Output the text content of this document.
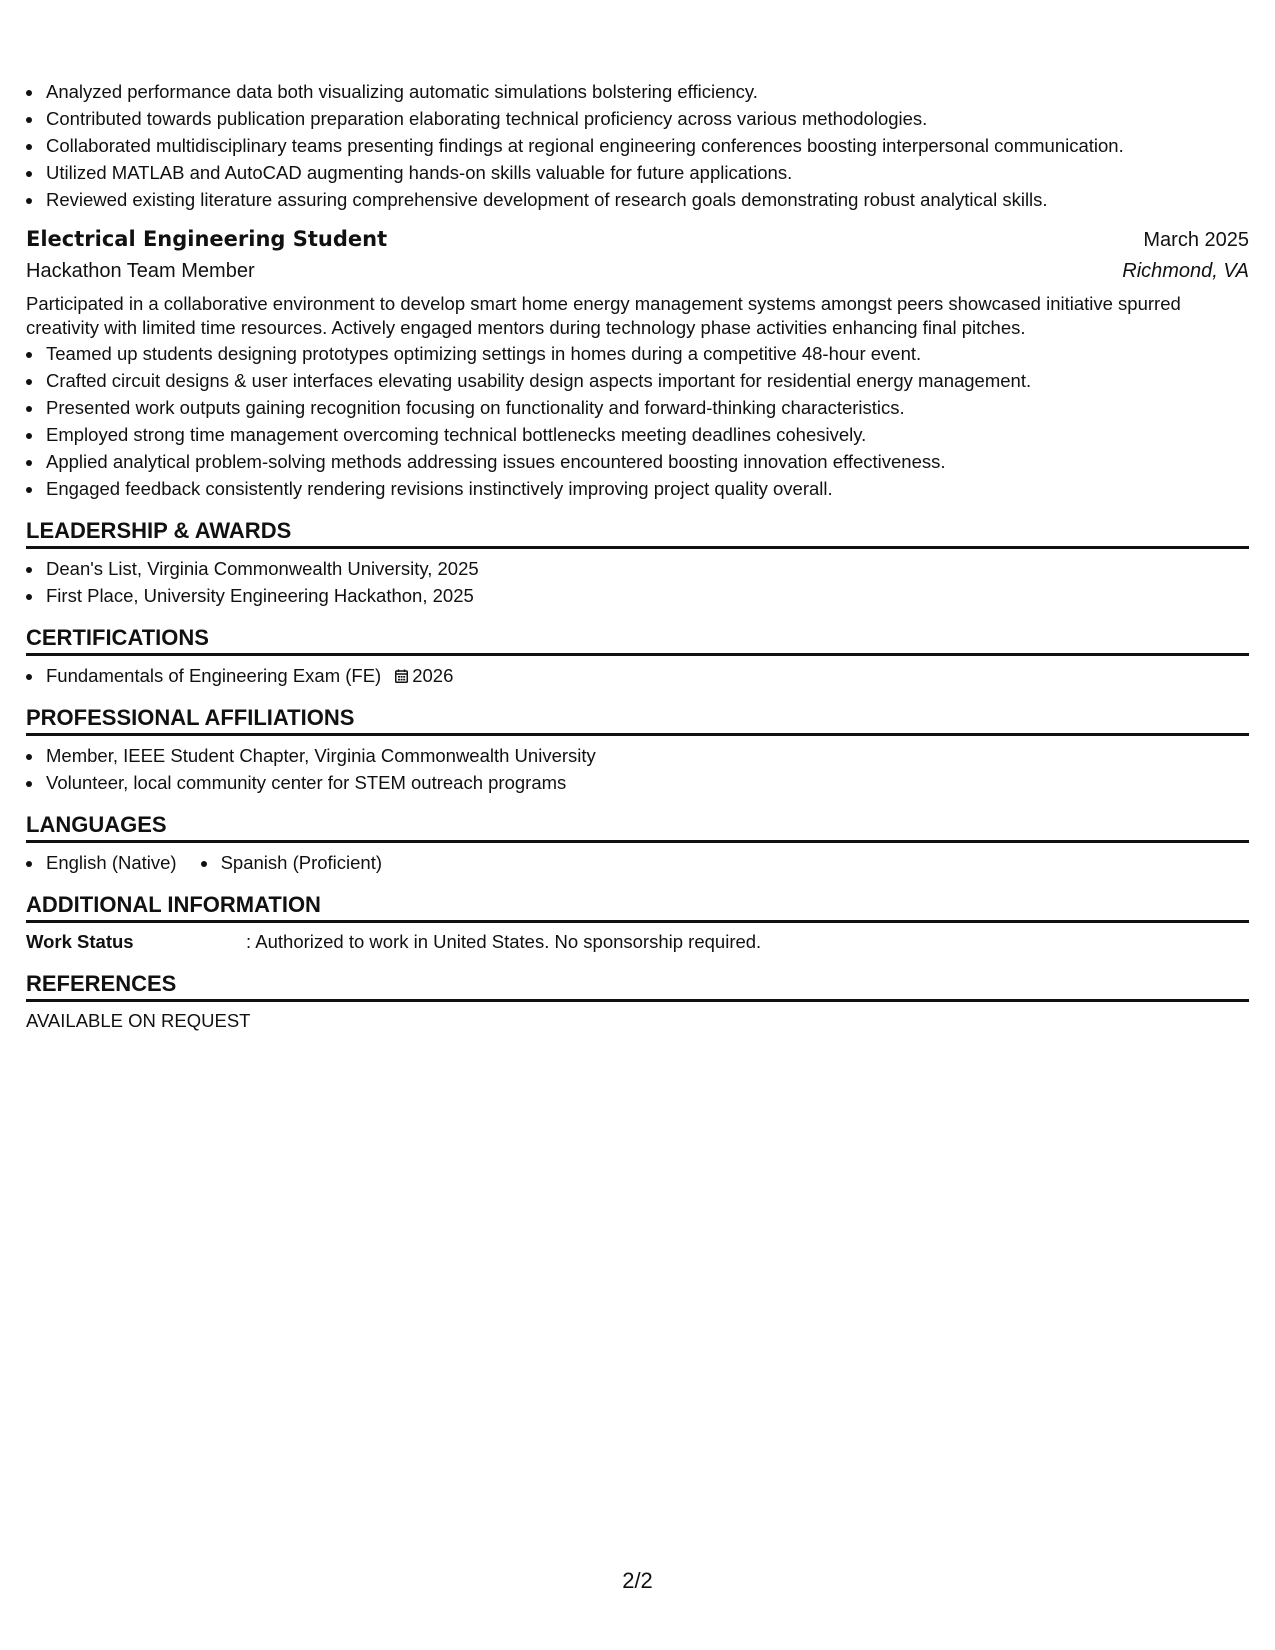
• Analyzed performance data both visualizing automatic simulations bolstering efficiency.
• Contributed towards publication preparation elaborating technical proficiency across various methodologies.
• Collaborated multidisciplinary teams presenting findings at regional engineering conferences boosting interpersonal communication.
• Utilized MATLAB and AutoCAD augmenting hands-on skills valuable for future applications.
• Reviewed existing literature assuring comprehensive development of research goals demonstrating robust analytical skills.
Electrical Engineering Student	March 2025
Hackathon Team Member	Richmond, VA
Participated in a collaborative environment to develop smart home energy management systems amongst peers showcased initiative spurred creativity with limited time resources. Actively engaged mentors during technology phase activities enhancing final pitches.
• Teamed up students designing prototypes optimizing settings in homes during a competitive 48-hour event.
• Crafted circuit designs & user interfaces elevating usability design aspects important for residential energy management.
• Presented work outputs gaining recognition focusing on functionality and forward-thinking characteristics.
• Employed strong time management overcoming technical bottlenecks meeting deadlines cohesively.
• Applied analytical problem-solving methods addressing issues encountered boosting innovation effectiveness.
• Engaged feedback consistently rendering revisions instinctively improving project quality overall.
LEADERSHIP & AWARDS
• Dean's List, Virginia Commonwealth University, 2025
• First Place, University Engineering Hackathon, 2025
CERTIFICATIONS
• Fundamentals of Engineering Exam (FE) 2026
PROFESSIONAL AFFILIATIONS
• Member, IEEE Student Chapter, Virginia Commonwealth University
• Volunteer, local community center for STEM outreach programs
LANGUAGES
• English (Native)
• Spanish (Proficient)
ADDITIONAL INFORMATION
Work Status	: Authorized to work in United States. No sponsorship required.
REFERENCES
AVAILABLE ON REQUEST
2/2
